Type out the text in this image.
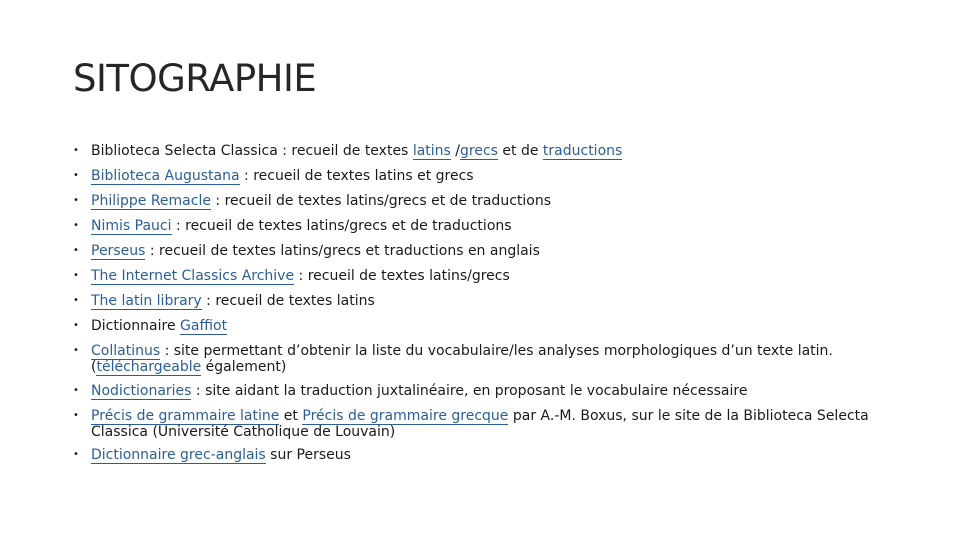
SITOGRAPHIE
• Biblioteca Selecta Classica : recueil de textes latins /grecs et de traductions
• Biblioteca Augustana : recueil de textes latins et grecs
• Philippe Remacle : recueil de textes latins/grecs et de traductions
• Nimis Pauci : recueil de textes latins/grecs et de traductions
• Perseus : recueil de textes latins/grecs et traductions en anglais
• The Internet Classics Archive : recueil de textes latins/grecs
• The latin library : recueil de textes latins
• Dictionnaire Gaffiot
• Collatinus : site permettant d’obtenir la liste du vocabulaire/les analyses morphologiques d’un texte latin. (téléchargeable également)
• Nodictionaries : site aidant la traduction juxtalinéaire, en proposant le vocabulaire nécessaire
• Précis de grammaire latine et Précis de grammaire grecque par A.-M. Boxus, sur le site de la Biblioteca Selecta Classica (Université Catholique de Louvain)
• Dictionnaire grec-anglais sur Perseus
